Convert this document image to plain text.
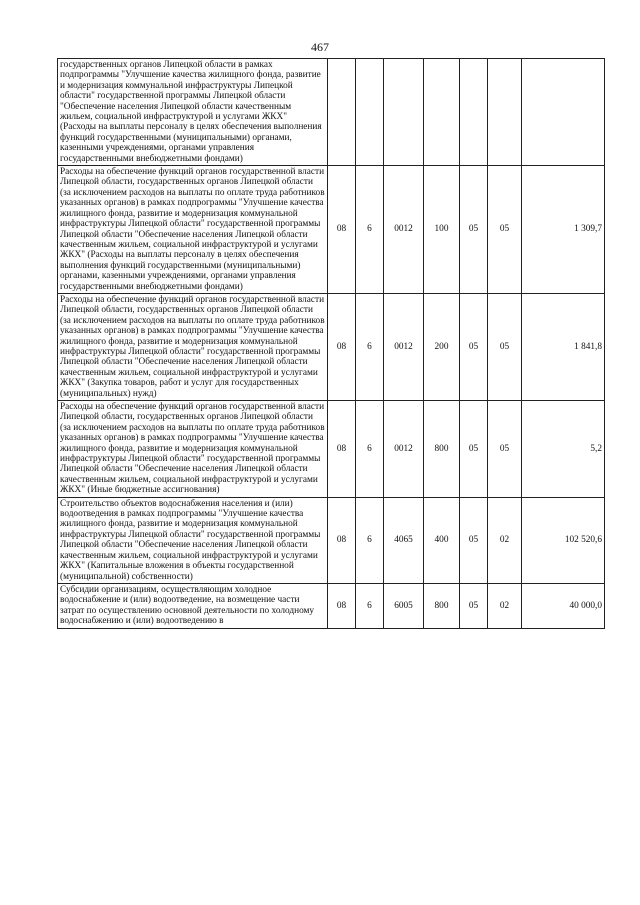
467
государственных органов Липецкой области в рамках подпрограммы "Улучшение качества жилищного фонда, развитие и модернизация коммунальной инфраструктуры Липецкой области" государственной программы Липецкой области "Обеспечение населения Липецкой области качественным жильем, социальной инфраструктурой и услугами ЖКХ" (Расходы на выплаты персоналу в целях обеспечения выполнения функций государственными (муниципальными) органами, казенными учреждениями, органами управления государственными внебюджетными фондами)							
Расходы на обеспечение функций органов государственной власти Липецкой области, государственных органов Липецкой области (за исключением расходов на выплаты по оплате труда работников указанных органов) в рамках подпрограммы "Улучшение качества жилищного фонда, развитие и модернизация коммунальной инфраструктуры Липецкой области" государственной программы Липецкой области "Обеспечение населения Липецкой области качественным жильем, социальной инфраструктурой и услугами ЖКХ" (Расходы на выплаты персоналу в целях обеспечения выполнения функций государственными (муниципальными) органами, казенными учреждениями, органами управления государственными внебюджетными фондами)	08	6	0012	100	05	05	1 309,7
Расходы на обеспечение функций органов государственной власти Липецкой области, государственных органов Липецкой области (за исключением расходов на выплаты по оплате труда работников указанных органов) в рамках подпрограммы "Улучшение качества жилищного фонда, развитие и модернизация коммунальной инфраструктуры Липецкой области" государственной программы Липецкой области "Обеспечение населения Липецкой области качественным жильем, социальной инфраструктурой и услугами ЖКХ" (Закупка товаров, работ и услуг для государственных (муниципальных) нужд)	08	6	0012	200	05	05	1 841,8
Расходы на обеспечение функций органов государственной власти Липецкой области, государственных органов Липецкой области (за исключением расходов на выплаты по оплате труда работников указанных органов) в рамках подпрограммы "Улучшение качества жилищного фонда, развитие и модернизация коммунальной инфраструктуры Липецкой области" государственной программы Липецкой области "Обеспечение населения Липецкой области качественным жильем, социальной инфраструктурой и услугами ЖКХ" (Иные бюджетные ассигнования)	08	6	0012	800	05	05	5,2
Строительство объектов водоснабжения населения и (или) водоотведения в рамках подпрограммы "Улучшение качества жилищного фонда, развитие и модернизация коммунальной инфраструктуры Липецкой области" государственной программы Липецкой области "Обеспечение населения Липецкой области качественным жильем, социальной инфраструктурой и услугами ЖКХ" (Капитальные вложения в объекты государственной (муниципальной) собственности)	08	6	4065	400	05	02	102 520,6
Субсидии организациям, осуществляющим холодное водоснабжение и (или) водоотведение, на возмещение части затрат по осуществлению основной деятельности по холодному водоснабжению и (или) водоотведению в	08	6	6005	800	05	02	40 000,0
